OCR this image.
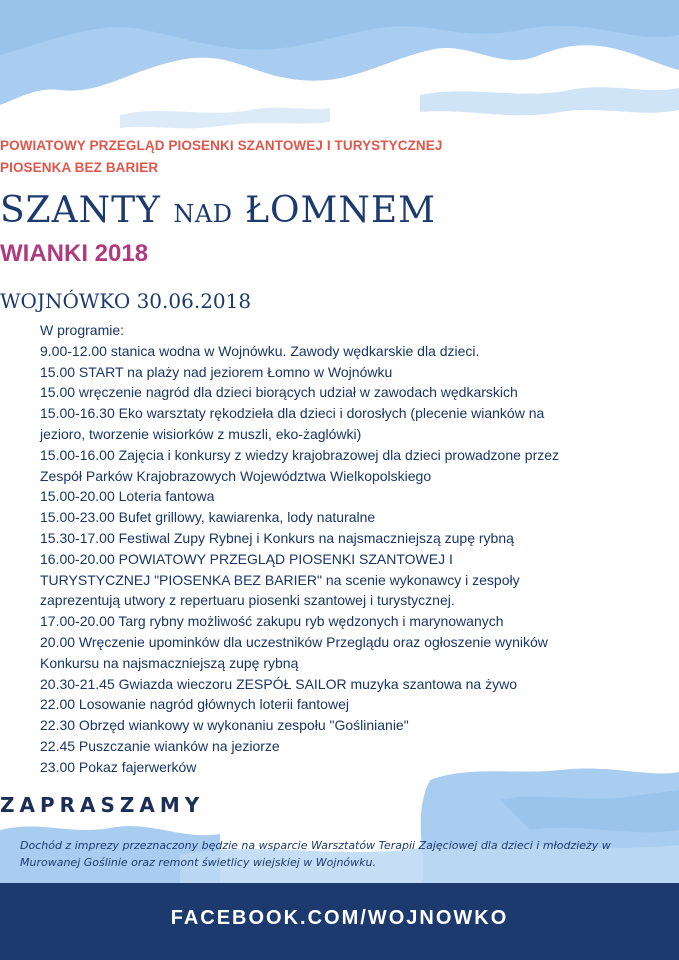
POWIATOWY PRZEGLĄD PIOSENKI SZANTOWEJ I TURYSTYCZNEJ
PIOSENKA BEZ BARIER
SZANTY NAD ŁOMNEM
WIANKI 2018
WOJNÓWKO 30.06.2018
W programie:
9.00-12.00 stanica wodna w Wojnówku. Zawody wędkarskie dla dzieci.
15.00 START na plaży nad jeziorem Łomno w Wojnówku
15.00 wręczenie nagród dla dzieci biorących udział w zawodach wędkarskich
15.00-16.30 Eko warsztaty rękodzieła dla dzieci i dorosłych (plecenie wianków na
jezioro, tworzenie wisiorków z muszli, eko-żaglówki)
15.00-16.00 Zajęcia i konkursy z wiedzy krajobrazowej dla dzieci prowadzone przez
Zespół Parków Krajobrazowych Województwa Wielkopolskiego
15.00-20.00 Loteria fantowa
15.00-23.00 Bufet grillowy, kawiarenka, lody naturalne
15.30-17.00 Festiwal Zupy Rybnej i Konkurs na najsmaczniejszą zupę rybną
16.00-20.00 POWIATOWY PRZEGLĄD PIOSENKI SZANTOWEJ I
TURYSTYCZNEJ "PIOSENKA BEZ BARIER" na scenie wykonawcy i zespoły
zaprezentują utwory z repertuaru piosenki szantowej i turystycznej.
17.00-20.00 Targ rybny możliwość zakupu ryb wędzonych i marynowanych
20.00 Wręczenie upominków dla uczestników Przeglądu oraz ogłoszenie wyników
Konkursu na najsmaczniejszą zupę rybną
20.30-21.45 Gwiazda wieczoru ZESPÓŁ SAILOR muzyka szantowa na żywo
22.00 Losowanie nagród głównych loterii fantowej
22.30 Obrzęd wiankowy w wykonaniu zespołu "Goślinianie"
22.45 Puszczanie wianków na jeziorze
23.00 Pokaz fajerwerków
ZAPRASZAMY
Dochód z imprezy przeznaczony będzie na wsparcie Warsztatów Terapii Zajęciowej dla dzieci i młodzieży w
Murowanej Goślinie oraz remont świetlicy wiejskiej w Wojnówku.
FACEBOOK.COM/WOJNOWKO
